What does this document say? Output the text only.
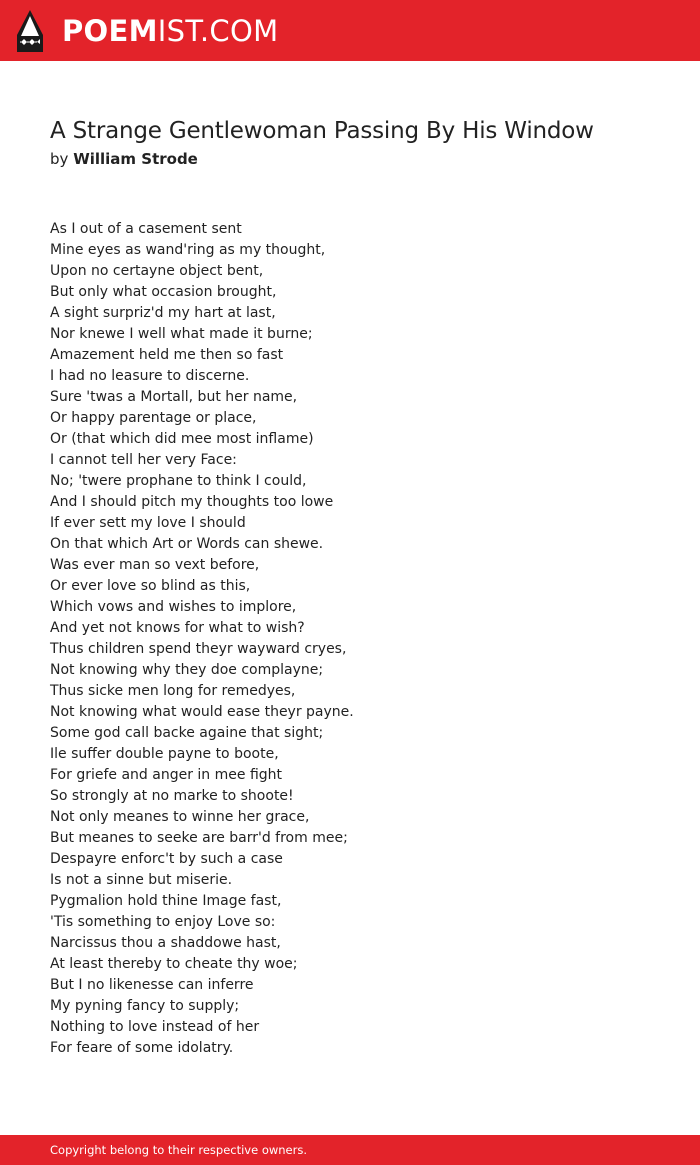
POEMIST.COM
A Strange Gentlewoman Passing By His Window
by William Strode
As I out of a casement sent
Mine eyes as wand'ring as my thought,
Upon no certayne object bent,
But only what occasion brought,
A sight surpriz'd my hart at last,
Nor knewe I well what made it burne;
Amazement held me then so fast
I had no leasure to discerne.
Sure 'twas a Mortall, but her name,
Or happy parentage or place,
Or (that which did mee most inflame)
I cannot tell her very Face:
No; 'twere prophane to think I could,
And I should pitch my thoughts too lowe
If ever sett my love I should
On that which Art or Words can shewe.
Was ever man so vext before,
Or ever love so blind as this,
Which vows and wishes to implore,
And yet not knows for what to wish?
Thus children spend theyr wayward cryes,
Not knowing why they doe complayne;
Thus sicke men long for remedyes,
Not knowing what would ease theyr payne.
Some god call backe againe that sight;
Ile suffer double payne to boote,
For griefe and anger in mee fight
So strongly at no marke to shoote!
Not only meanes to winne her grace,
But meanes to seeke are barr'd from mee;
Despayre enforc't by such a case
Is not a sinne but miserie.
Pygmalion hold thine Image fast,
'Tis something to enjoy Love so:
Narcissus thou a shaddowe hast,
At least thereby to cheate thy woe;
But I no likenesse can inferre
My pyning fancy to supply;
Nothing to love instead of her
For feare of some idolatry.
Copyright belong to their respective owners.
